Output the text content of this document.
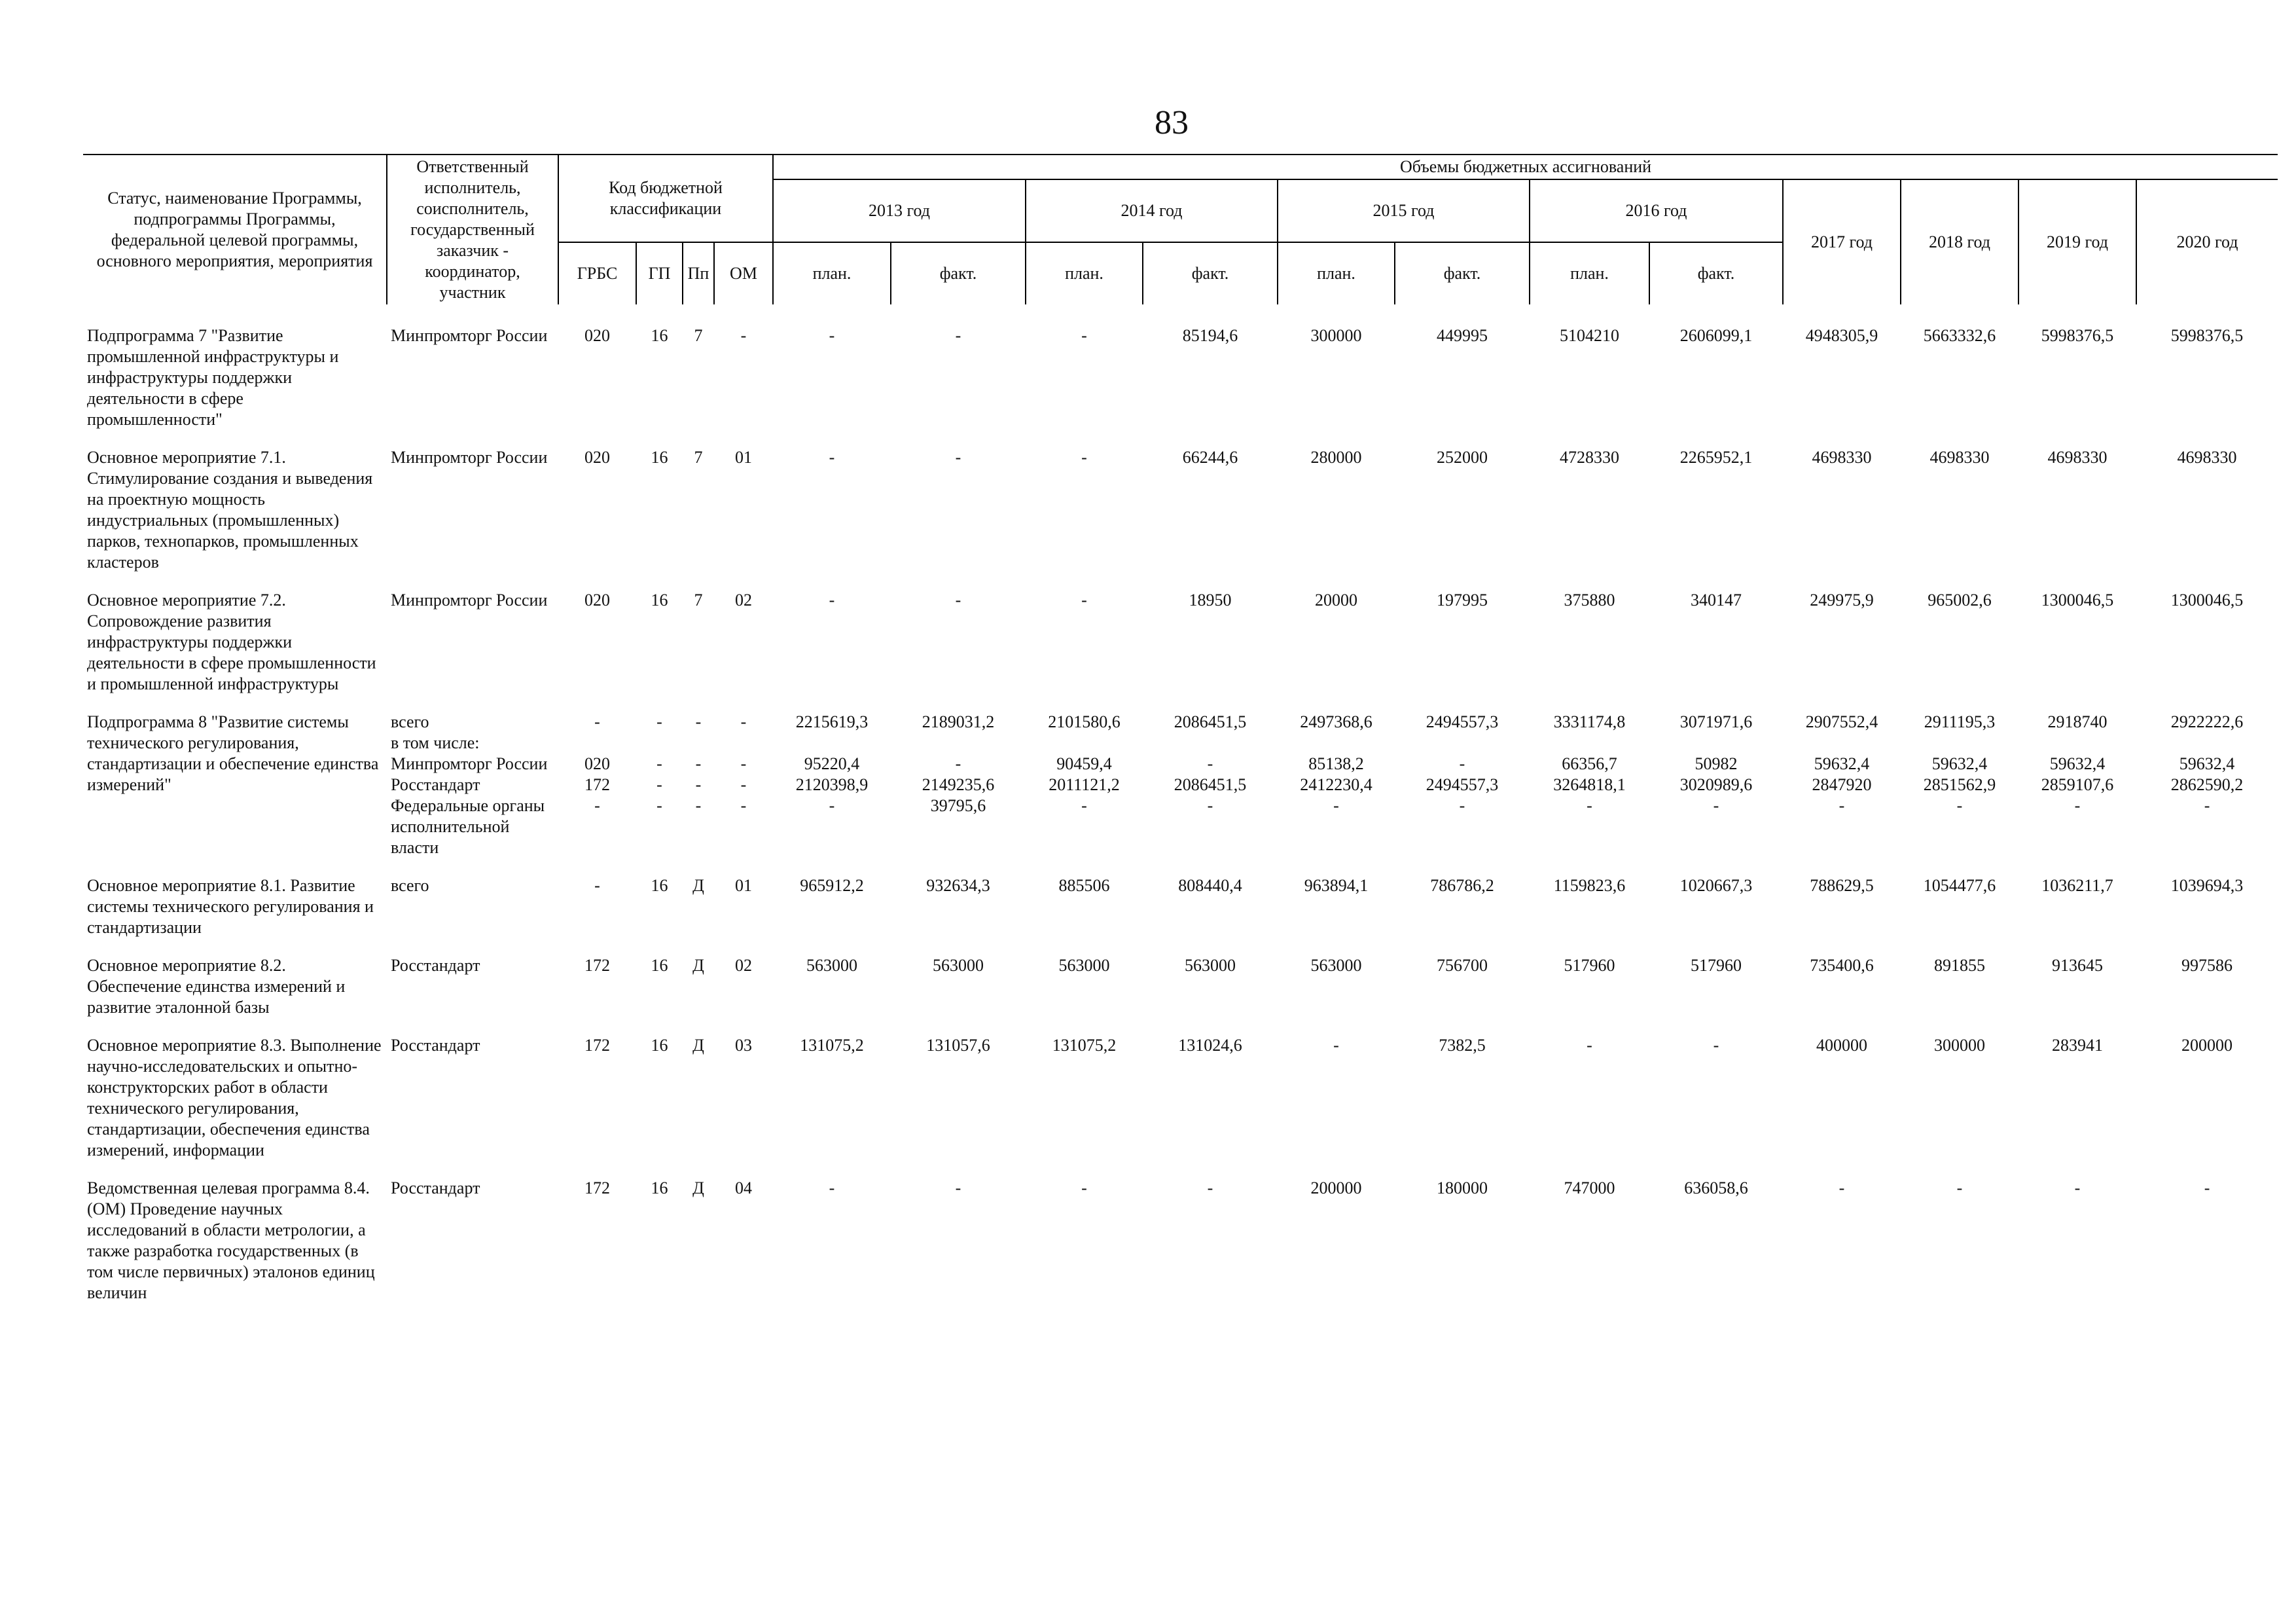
83
Статус, наименование Программы, подпрограммы Программы, федеральной целевой программы, основного мероприятия, мероприятия	Ответственный исполнитель, соисполнитель, государственный заказчик - координатор, участник	Код бюджетной классификации				Объемы бюджетных ассигнований											
						2013 год		2014 год		2015 год		2016 год		2017 год	2018 год	2019 год	2020 год
		ГРБС	ГП	Пп	ОМ	план.	факт.	план.	факт.	план.	факт.	план.	факт.				

Подпрограмма 7 "Развитие промышленной инфраструктуры и инфраструктуры поддержки деятельности в сфере промышленности"	Минпромторг России	020	16	7	-	-	-	-	85194,6	300000	449995	5104210	2606099,1	4948305,9	5663332,6	5998376,5	5998376,5
Основное мероприятие 7.1. Стимулирование создания и выведения на проектную мощность индустриальных (промышленных) парков, технопарков, промышленных кластеров	Минпромторг России	020	16	7	01	-	-	-	66244,6	280000	252000	4728330	2265952,1	4698330	4698330	4698330	4698330
Основное мероприятие 7.2. Сопровождение развития инфраструктуры поддержки деятельности в сфере промышленности и промышленной инфраструктуры	Минпромторг России	020	16	7	02	-	-	-	18950	20000	197995	375880	340147	249975,9	965002,6	1300046,5	1300046,5
Подпрограмма 8 "Развитие системы технического регулирования, стандартизации и обеспечение единства измерений"	всего	-	-	-	-	2215619,3	2189031,2	2101580,6	2086451,5	2497368,6	2494557,3	3331174,8	3071971,6	2907552,4	2911195,3	2918740	2922222,6
	в том числе:																
	Минпромторг России	020	-	-	-	95220,4	-	90459,4	-	85138,2	-	66356,7	50982	59632,4	59632,4	59632,4	59632,4
	Росстандарт	172	-	-	-	2120398,9	2149235,6	2011121,2	2086451,5	2412230,4	2494557,3	3264818,1	3020989,6	2847920	2851562,9	2859107,6	2862590,2
	Федеральные органы исполнительной власти	-	-	-	-	-	39795,6	-	-	-	-	-	-	-	-	-	-
Основное мероприятие 8.1. Развитие системы технического регулирования и стандартизации	всего	-	16	Д	01	965912,2	932634,3	885506	808440,4	963894,1	786786,2	1159823,6	1020667,3	788629,5	1054477,6	1036211,7	1039694,3
Основное мероприятие 8.2. Обеспечение единства измерений и развитие эталонной базы	Росстандарт	172	16	Д	02	563000	563000	563000	563000	563000	756700	517960	517960	735400,6	891855	913645	997586
Основное мероприятие 8.3. Выполнение научно-исследовательских и опытно-конструкторских работ в области технического регулирования, стандартизации, обеспечения единства измерений, информации	Росстандарт	172	16	Д	03	131075,2	131057,6	131075,2	131024,6	-	7382,5	-	-	400000	300000	283941	200000
Ведомственная целевая программа 8.4. (ОМ) Проведение научных исследований в области метрологии, а также разработка государственных (в том числе первичных) эталонов единиц величин	Росстандарт	172	16	Д	04	-	-	-	-	200000	180000	747000	636058,6	-	-	-	-
